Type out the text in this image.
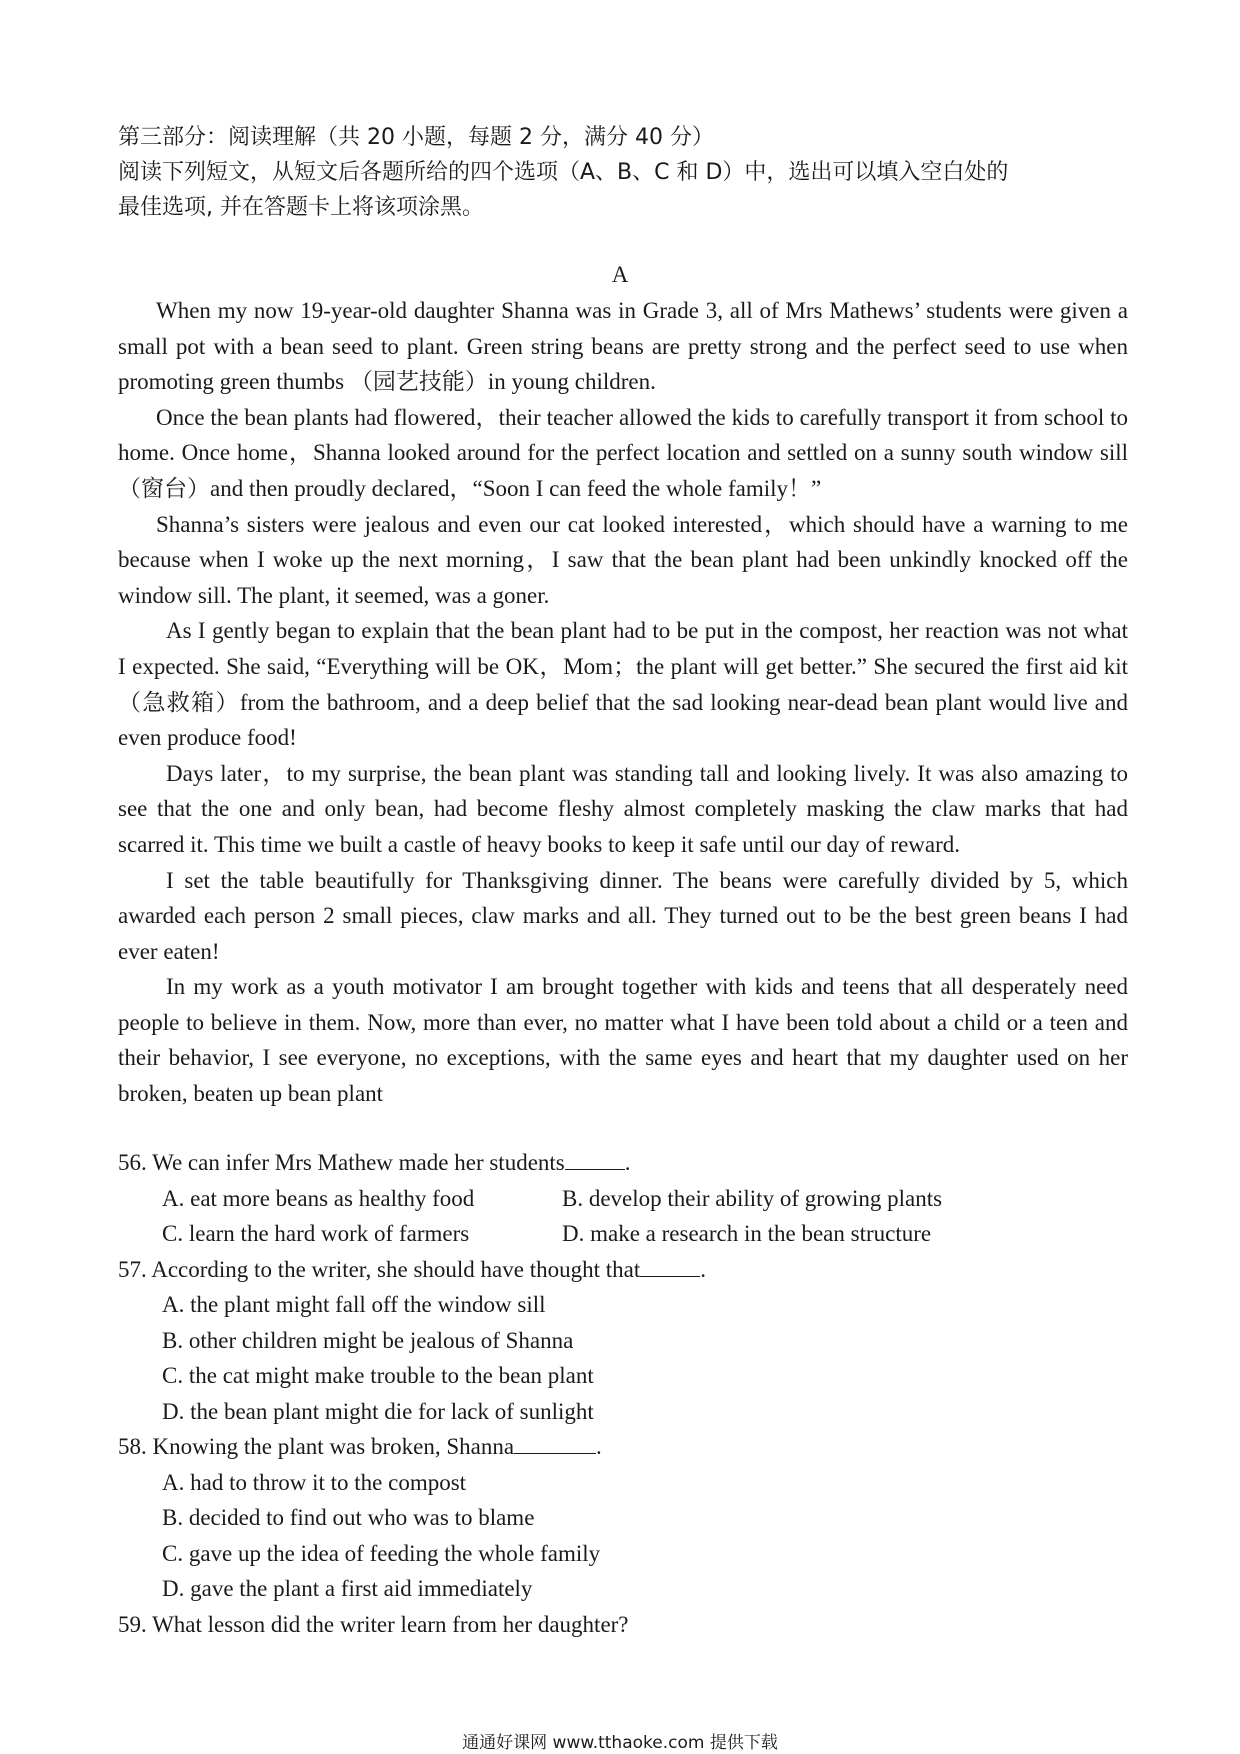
第三部分：阅读理解（共 20 小题，每题 2 分，满分 40 分）
阅读下列短文，从短文后各题所给的四个选项（A、B、C 和 D）中，选出可以填入空白处的
最佳选项, 并在答题卡上将该项涂黑。
A

When my now 19-year-old daughter Shanna was in Grade 3, all of Mrs Mathews’ students were given a small pot with a bean seed to plant. Green string beans are pretty strong and the perfect seed to use when promoting green thumbs （园艺技能）in young children.

Once the bean plants had flowered，their teacher allowed the kids to carefully transport it from school to home. Once home，Shanna looked around for the perfect location and settled on a sunny south window sill （窗台）and then proudly declared，“Soon I can feed the whole family！”

Shanna’s sisters were jealous and even our cat looked interested，which should have a warning to me because when I woke up the next morning，I saw that the bean plant had been unkindly knocked off the window sill. The plant, it seemed, was a goner.

As I gently began to explain that the bean plant had to be put in the compost, her reaction was not what I expected. She said, “Everything will be OK，Mom；the plant will get better.” She secured the first aid kit （急救箱）from the bathroom, and a deep belief that the sad looking near-dead bean plant would live and even produce food!

Days later，to my surprise, the bean plant was standing tall and looking lively. It was also amazing to see that the one and only bean, had become fleshy almost completely masking the claw marks that had scarred it. This time we built a castle of heavy books to keep it safe until our day of reward.

I set the table beautifully for Thanksgiving dinner. The beans were carefully divided by 5, which awarded each person 2 small pieces, claw marks and all. They turned out to be the best green beans I had ever eaten!

In my work as a youth motivator I am brought together with kids and teens that all desperately need people to believe in them. Now, more than ever, no matter what I have been told about a child or a teen and their behavior, I see everyone, no exceptions, with the same eyes and heart that my daughter used on her broken, beaten up bean plant

56. We can infer Mrs Mathew made her students	.
A. eat more beans as healthy food	B. develop their ability of growing plants
C. learn the hard work of farmers	D. make a research in the bean structure
57. According to the writer, she should have thought that	.
A. the plant might fall off the window sill
B. other children might be jealous of Shanna
C. the cat might make trouble to the bean plant
D. the bean plant might die for lack of sunlight
58. Knowing the plant was broken, Shanna	.
A. had to throw it to the compost
B. decided to find out who was to blame
C. gave up the idea of feeding the whole family
D. gave the plant a first aid immediately
59. What lesson did the writer learn from her daughter?
通通好课网 www.tthaoke.com 提供下载
